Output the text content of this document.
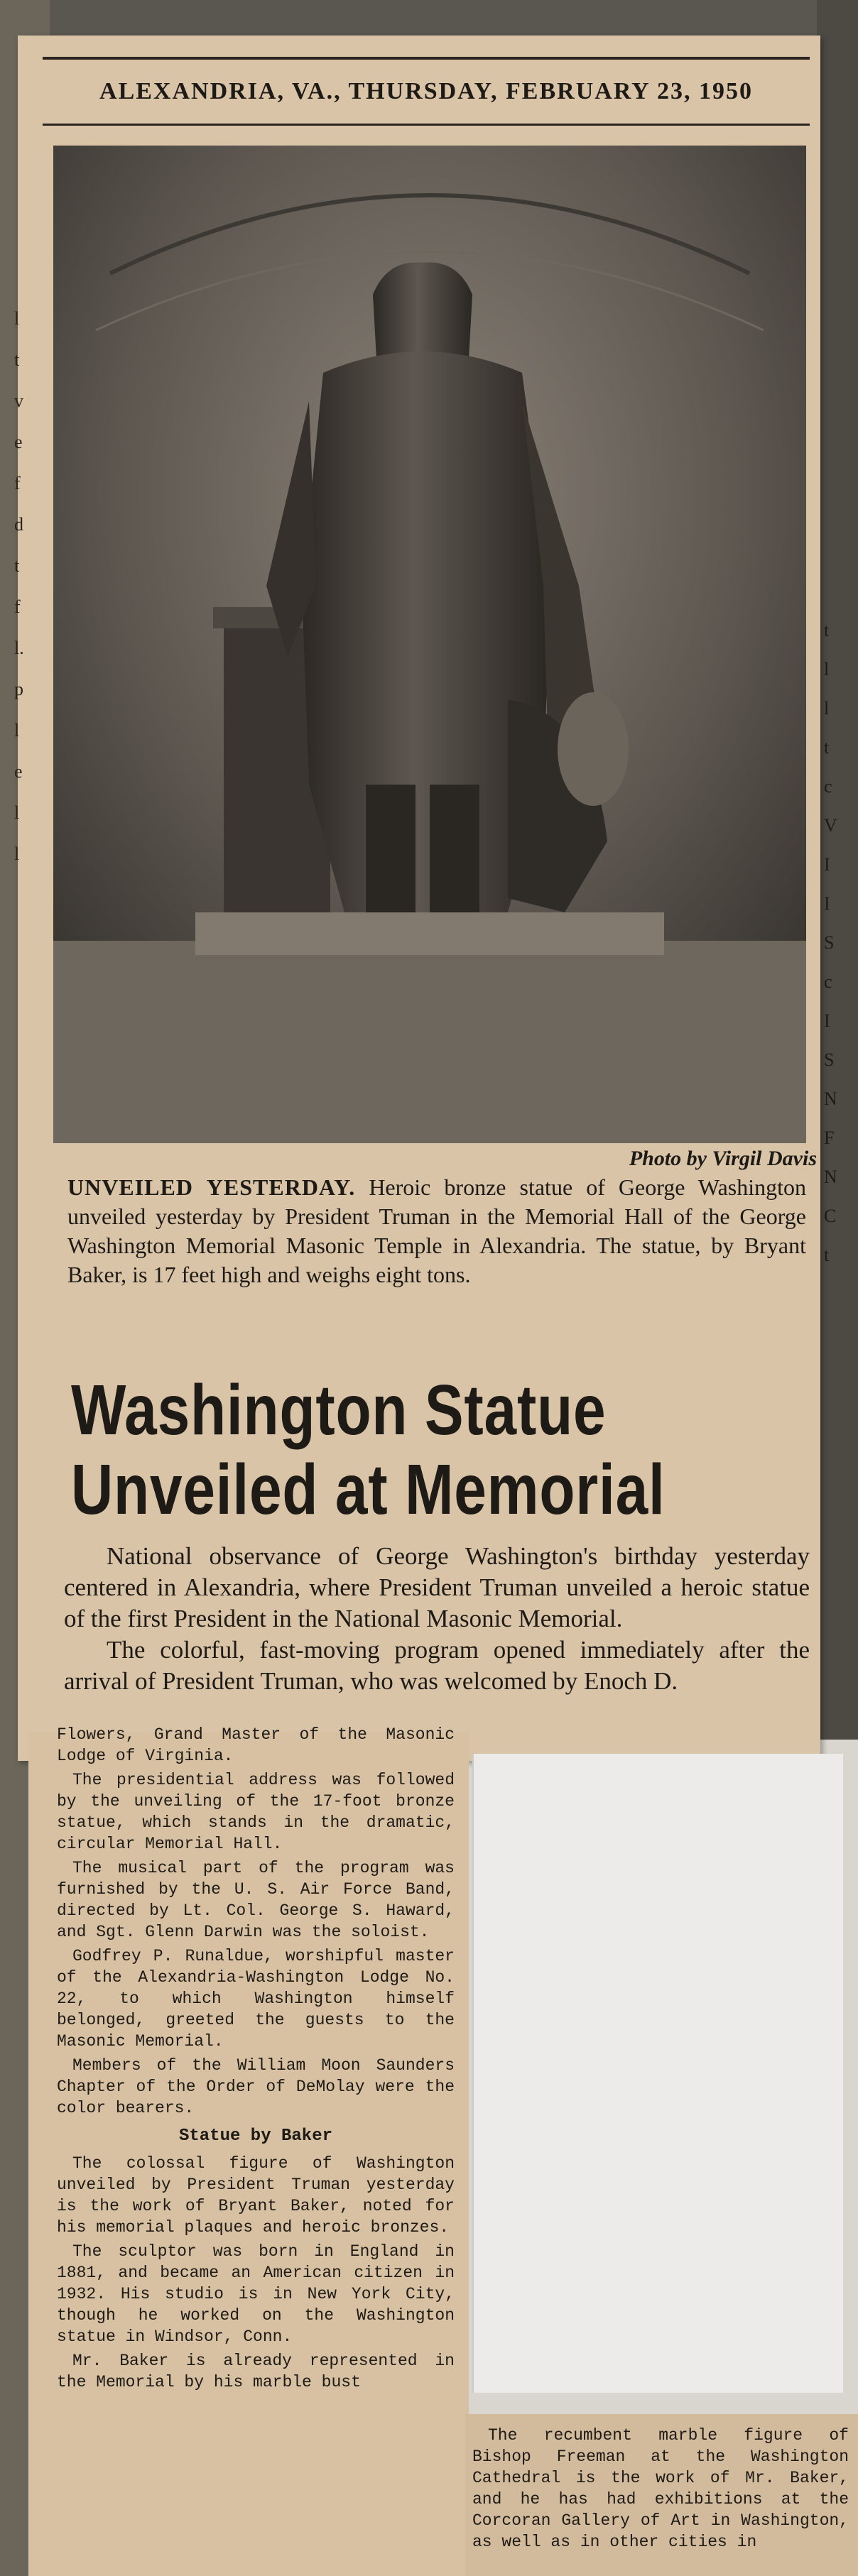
ALEXANDRIA, VA., THURSDAY, FEBRUARY 23, 1950
Photo by Virgil Davis
UNVEILED YESTERDAY. Heroic bronze statue of George Washington unveiled yesterday by President Truman in the Memorial Hall of the George Washington Memorial Masonic Temple in Alexandria. The statue, by Bryant Baker, is 17 feet high and weighs eight tons.
Washington Statue
Unveiled at Memorial

National observance of George Washington's birthday yesterday centered in Alexandria, where President Truman unveiled a heroic statue of the first President in the National Masonic Memorial.

The colorful, fast-moving program opened immediately after the arrival of President Truman, who was welcomed by Enoch D.

Flowers, Grand Master of the Masonic Lodge of Virginia.

The presidential address was followed by the unveiling of the 17-foot bronze statue, which stands in the dramatic, circular Memorial Hall.

The musical part of the program was furnished by the U. S. Air Force Band, directed by Lt. Col. George S. Haward, and Sgt. Glenn Darwin was the soloist.

Godfrey P. Runaldue, worshipful master of the Alexandria-Washington Lodge No. 22, to which Washington himself belonged, greeted the guests to the Masonic Memorial.

Members of the William Moon Saunders Chapter of the Order of DeMolay were the color bearers.

Statue by Baker

The colossal figure of Washington unveiled by President Truman yesterday is the work of Bryant Baker, noted for his memorial plaques and heroic bronzes.

The sculptor was born in England in 1881, and became an American citizen in 1932. His studio is in New York City, though he worked on the Washington statue in Windsor, Conn.

Mr. Baker is already represented in the Memorial by his marble bust

The recumbent marble figure of Bishop Freeman at the Washington Cathedral is the work of Mr. Baker, and he has had exhibitions at the Corcoran Gallery of Art in Washington, as well as in other cities in

l
t
v
e
f
d
t
f
l.
p
l
e
l
l
t
l
l
t
c
V
I
I
S
c
I
S
N
F
N
C
t
